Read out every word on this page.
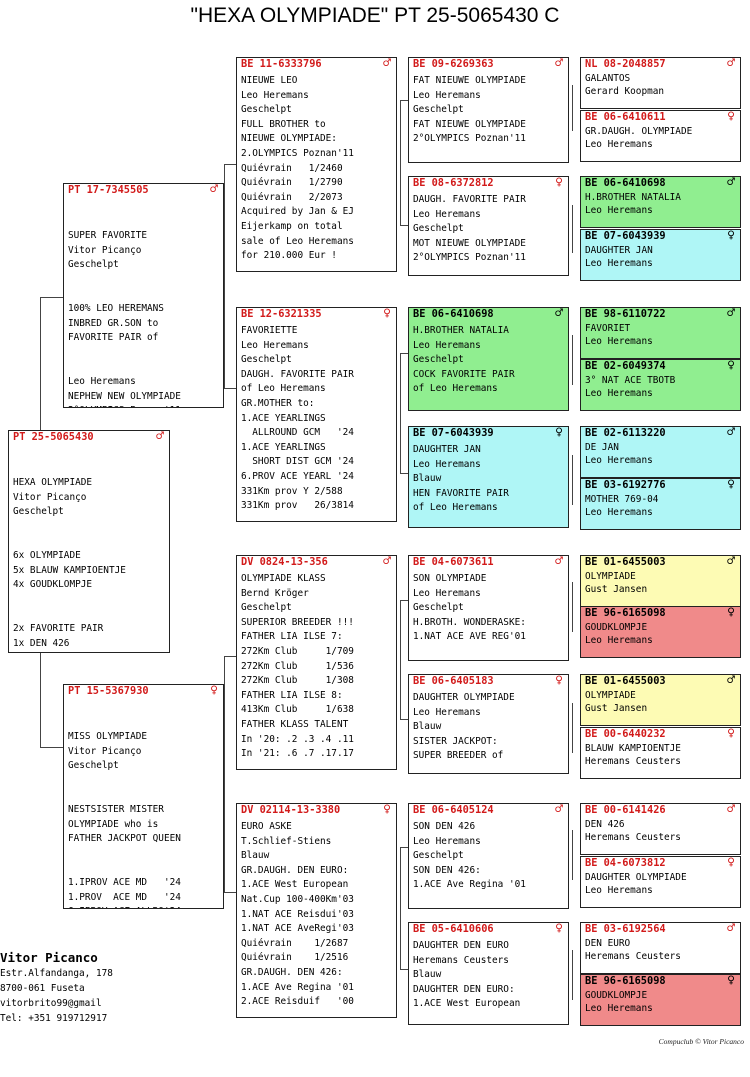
"HEXA OLYMPIADE" PT 25-5065430 C
PT 25-5065430	♂

HEXA OLYMPIADE
Vitor Picanço
Geschelpt

6x OLYMPIADE
5x BLAUW KAMPIOENTJE
4x GOUDKLOMPJE

2x FAVORITE PAIR
1x DEN 426

PT 17-7345505	♂

SUPER FAVORITE
Vitor Picanço
Geschelpt

100% LEO HEREMANS
INBRED GR.SON to
FAVORITE PAIR of

Leo Heremans
NEPHEW NEW OLYMPIADE

PT 15-5367930	♀

MISS OLYMPIADE
Vitor Picanço
Geschelpt

NESTSISTER MISTER
OLYMPIADE who is
FATHER JACKPOT QUEEN

1.IPROV ACE MD   '24
1.PROV  ACE MD   '24

BE 11-6333796	♂
NIEUWE LEO
Leo Heremans
Geschelpt
FULL BROTHER to
NIEUWE OLYMPIADE:
2.OLYMPICS Poznan'11
Quiévrain   1/2460
Quiévrain   1/2790
Quiévrain   2/2073
Acquired by Jan & EJ
Eijerkamp on total
sale of Leo Heremans
for 210.000 Eur !
BE 12-6321335	♀
FAVORIETTE
Leo Heremans
Geschelpt
DAUGH. FAVORITE PAIR
of Leo Heremans
GR.MOTHER to:
1.ACE YEARLINGS
ALLROUND GCM   '24
1.ACE YEARLINGS
SHORT DIST GCM '24
6.PROV ACE YEARL '24
331Km prov Y 2/588
331Km prov   26/3814
DV 0824-13-356	♂
OLYMPIADE KLASS
Bernd Kröger
Geschelpt
SUPERIOR BREEDER !!!
FATHER LIA ILSE 7:
272Km Club     1/709
272Km Club     1/536
272Km Club     1/308
FATHER LIA ILSE 8:
413Km Club     1/638
FATHER KLASS TALENT
In '20: .2 .3 .4 .11
In '21: .6 .7 .17.17
DV 02114-13-3380	♀
EURO ASKE
T.Schlief-Stiens
Blauw
GR.DAUGH. DEN EURO:
1.ACE West European
Nat.Cup 100-400Km'03
1.NAT ACE Reisdui'03
1.NAT ACE AveRegi'03
Quiévrain    1/2687
Quiévrain    1/2516
GR.DAUGH. DEN 426:
1.ACE Ave Regina '01
2.ACE Reisduif   '00
BE 09-6269363	♂
FAT NIEUWE OLYMPIADE
Leo Heremans
Geschelpt
FAT NIEUWE OLYMPIADE
2°OLYMPICS Poznan'11
BE 08-6372812	♀
DAUGH. FAVORITE PAIR
Leo Heremans
Geschelpt
MOT NIEUWE OLYMPIADE
2°OLYMPICS Poznan'11
BE 06-6410698	♂
H.BROTHER NATALIA
Leo Heremans
Geschelpt
COCK FAVORITE PAIR
of Leo Heremans
BE 07-6043939	♀
DAUGHTER JAN
Leo Heremans
Blauw
HEN FAVORITE PAIR
of Leo Heremans
BE 04-6073611	♂
SON OLYMPIADE
Leo Heremans
Geschelpt
H.BROTH. WONDERASKE:
1.NAT ACE AVE REG'01
BE 06-6405183	♀
DAUGHTER OLYMPIADE
Leo Heremans
Blauw
SISTER JACKPOT:
SUPER BREEDER of
BE 06-6405124	♂
SON DEN 426
Leo Heremans
Geschelpt
SON DEN 426:
1.ACE Ave Regina '01
BE 05-6410606	♀
DAUGHTER DEN EURO
Heremans Ceusters
Blauw
DAUGHTER DEN EURO:
1.ACE West European
NL 08-2048857	♂
GALANTOS
Gerard Koopman
BE 06-6410611	♀
GR.DAUGH. OLYMPIADE
Leo Heremans
BE 06-6410698	♂
H.BROTHER NATALIA
Leo Heremans
BE 07-6043939	♀
DAUGHTER JAN
Leo Heremans
BE 98-6110722	♂
FAVORIET
Leo Heremans
BE 02-6049374	♀
3° NAT ACE TBOTB
Leo Heremans
BE 02-6113220	♂
DE JAN
Leo Heremans
BE 03-6192776	♀
MOTHER 769-04
Leo Heremans
BE 01-6455003	♂
OLYMPIADE
Gust Jansen
BE 96-6165098	♀
GOUDKLOMPJE
Leo Heremans
BE 01-6455003	♂
OLYMPIADE
Gust Jansen
BE 00-6440232	♀
BLAUW KAMPIOENTJE
Heremans Ceusters
BE 00-6141426	♂
DEN 426
Heremans Ceusters
BE 04-6073812	♀
DAUGHTER OLYMPIADE
Leo Heremans
BE 03-6192564	♂
DEN EURO
Heremans Ceusters
BE 96-6165098	♀
GOUDKLOMPJE
Leo Heremans
Vitor Picanco
Estr.Alfandanga, 178
8700-061 Fuseta
vitorbrito99@gmail
Tel: +351 919712917
Compuclub © Vitor Picanco
